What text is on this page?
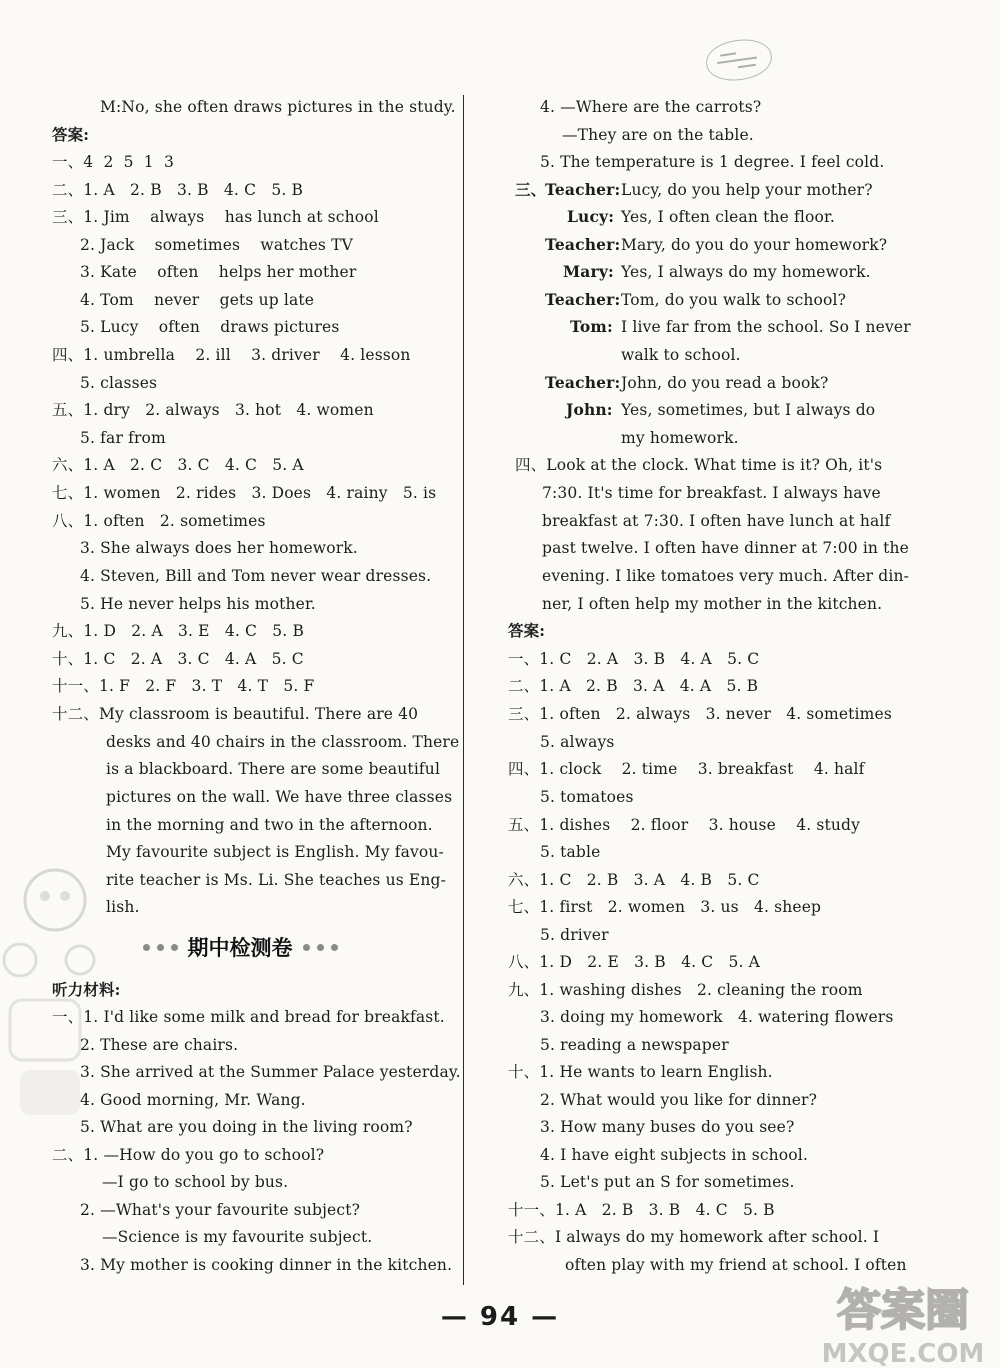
M:No, she often draws pictures in the study.
答案:
一、4  2  5  1  3
二、1. A   2. B   3. B   4. C   5. B
三、1. Jim    always    has lunch at school
2. Jack    sometimes    watches TV
3. Kate    often    helps her mother
4. Tom    never    gets up late
5. Lucy    often    draws pictures
四、1. umbrella    2. ill    3. driver    4. lesson
5. classes
五、1. dry   2. always   3. hot   4. women
5. far from
六、1. A   2. C   3. C   4. C   5. A
七、1. women   2. rides   3. Does   4. rainy   5. is
八、1. often   2. sometimes
3. She always does her homework.
4. Steven, Bill and Tom never wear dresses.
5. He never helps his mother.
九、1. D   2. A   3. E   4. C   5. B
十、1. C   2. A   3. C   4. A   5. C
十一、1. F   2. F   3. T   4. T   5. F
十二、My classroom is beautiful. There are 40
desks and 40 chairs in the classroom. There
is a blackboard. There are some beautiful
pictures on the wall. We have three classes
in the morning and two in the afternoon.
My favourite subject is English. My favou-
rite teacher is Ms. Li. She teaches us Eng-
lish.
期中检测卷
听力材料:
一、1. I'd like some milk and bread for breakfast.
2. These are chairs.
3. She arrived at the Summer Palace yesterday.
4. Good morning, Mr. Wang.
5. What are you doing in the living room?
二、1. —How do you go to school?
—I go to school by bus.
2. —What's your favourite subject?
—Science is my favourite subject.
3. My mother is cooking dinner in the kitchen.
4. —Where are the carrots?
—They are on the table.
5. The temperature is 1 degree. I feel cold.
三、
Teacher: Lucy, do you help your mother?
Lucy: Yes, I often clean the floor.
Teacher: Mary, do you do your homework?
Mary: Yes, I always do my homework.
Teacher: Tom, do you walk to school?
Tom: I live far from the school. So I never
walk to school.
Teacher: John, do you read a book?
John: Yes, sometimes, but I always do
my homework.
四、Look at the clock. What time is it? Oh, it's
7:30. It's time for breakfast. I always have
breakfast at 7:30. I often have lunch at half
past twelve. I often have dinner at 7:00 in the
evening. I like tomatoes very much. After din-
ner, I often help my mother in the kitchen.
答案:
一、1. C   2. A   3. B   4. A   5. C
二、1. A   2. B   3. A   4. A   5. B
三、1. often   2. always   3. never   4. sometimes
5. always
四、1. clock    2. time    3. breakfast    4. half
5. tomatoes
五、1. dishes    2. floor    3. house    4. study
5. table
六、1. C   2. B   3. A   4. B   5. C
七、1. first   2. women   3. us   4. sheep
5. driver
八、1. D   2. E   3. B   4. C   5. A
九、1. washing dishes   2. cleaning the room
3. doing my homework   4. watering flowers
5. reading a newspaper
十、1. He wants to learn English.
2. What would you like for dinner?
3. How many buses do you see?
4. I have eight subjects in school.
5. Let's put an S for sometimes.
十一、1. A   2. B   3. B   4. C   5. B
十二、I always do my homework after school. I
often play with my friend at school. I often
— 94 —	答案圈
MXQE.COM
